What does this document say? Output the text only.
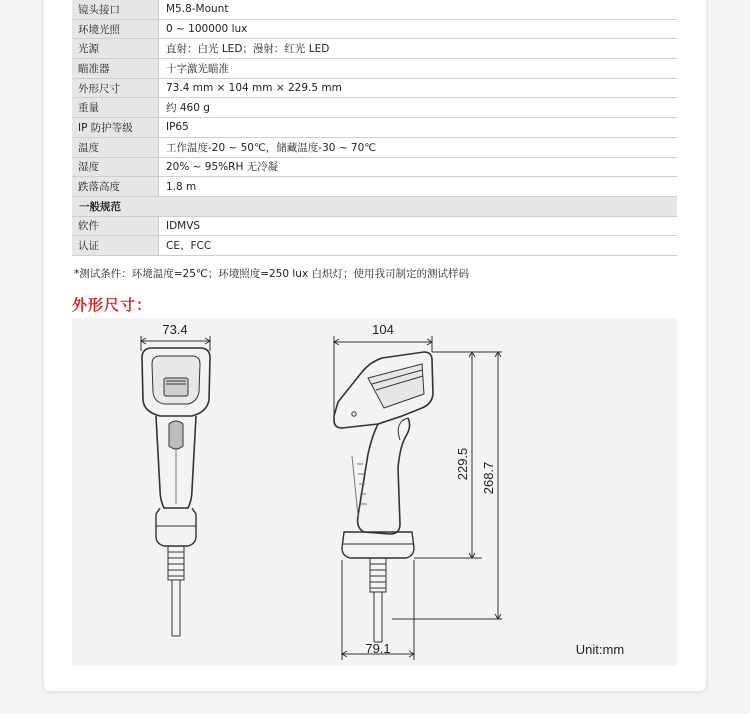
镜头接口	M5.8-Mount
环境光照	0 ~ 100000 lux
光源	直射：白光 LED；漫射：红光 LED
瞄准器	十字激光瞄准
外形尺寸	73.4 mm × 104 mm × 229.5 mm
重量	约 460 g
IP 防护等级	IP65
温度	工作温度-20 ~ 50℃，储藏温度-30 ~ 70℃
湿度	20% ~ 95%RH 无冷凝
跌落高度	1.8 m
一般规范	
软件	IDMVS
认证	CE、FCC
*测试条件：环境温度=25℃；环境照度=250 lux 白炽灯；使用我司制定的测试样码
外形尺寸：
73.4	104
229.5 268.7
79.1	Unit:mm
